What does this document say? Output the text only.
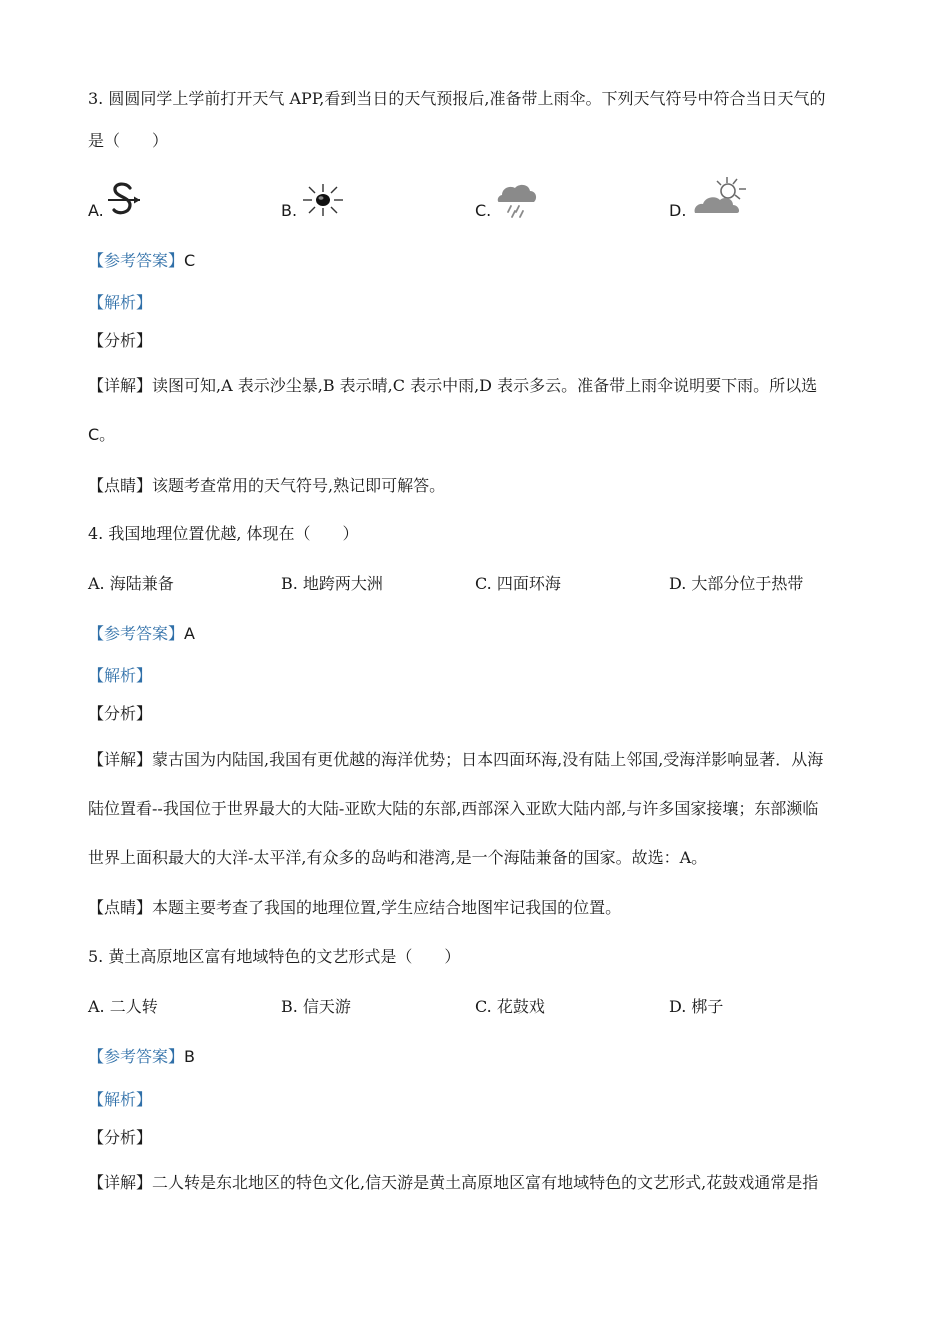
3. 圆圆同学上学前打开天气 APP,看到当日的天气预报后,准备带上雨伞。下列天气符号中符合当日天气的
是（　　）
A.	B.	C.	D.
【参考答案】C
【解析】
【分析】
【详解】读图可知,A 表示沙尘暴,B 表示晴,C 表示中雨,D 表示多云。准备带上雨伞说明要下雨。所以选
C。
【点睛】该题考查常用的天气符号,熟记即可解答。
4. 我国地理位置优越, 体现在（　　）
A. 海陆兼备	B. 地跨两大洲	C. 四面环海	D. 大部分位于热带
【参考答案】A
【解析】
【分析】
【详解】蒙古国为内陆国,我国有更优越的海洋优势；日本四面环海,没有陆上邻国,受海洋影响显著．从海
陆位置看--我国位于世界最大的大陆-亚欧大陆的东部,西部深入亚欧大陆内部,与许多国家接壤；东部濒临
世界上面积最大的大洋-太平洋,有众多的岛屿和港湾,是一个海陆兼备的国家。故选：A。
【点睛】本题主要考查了我国的地理位置,学生应结合地图牢记我国的位置。
5. 黄土高原地区富有地域特色的文艺形式是（　　）
A. 二人转	B. 信天游	C. 花鼓戏	D. 梆子
【参考答案】B
【解析】
【分析】
【详解】二人转是东北地区的特色文化,信天游是黄土高原地区富有地域特色的文艺形式,花鼓戏通常是指
